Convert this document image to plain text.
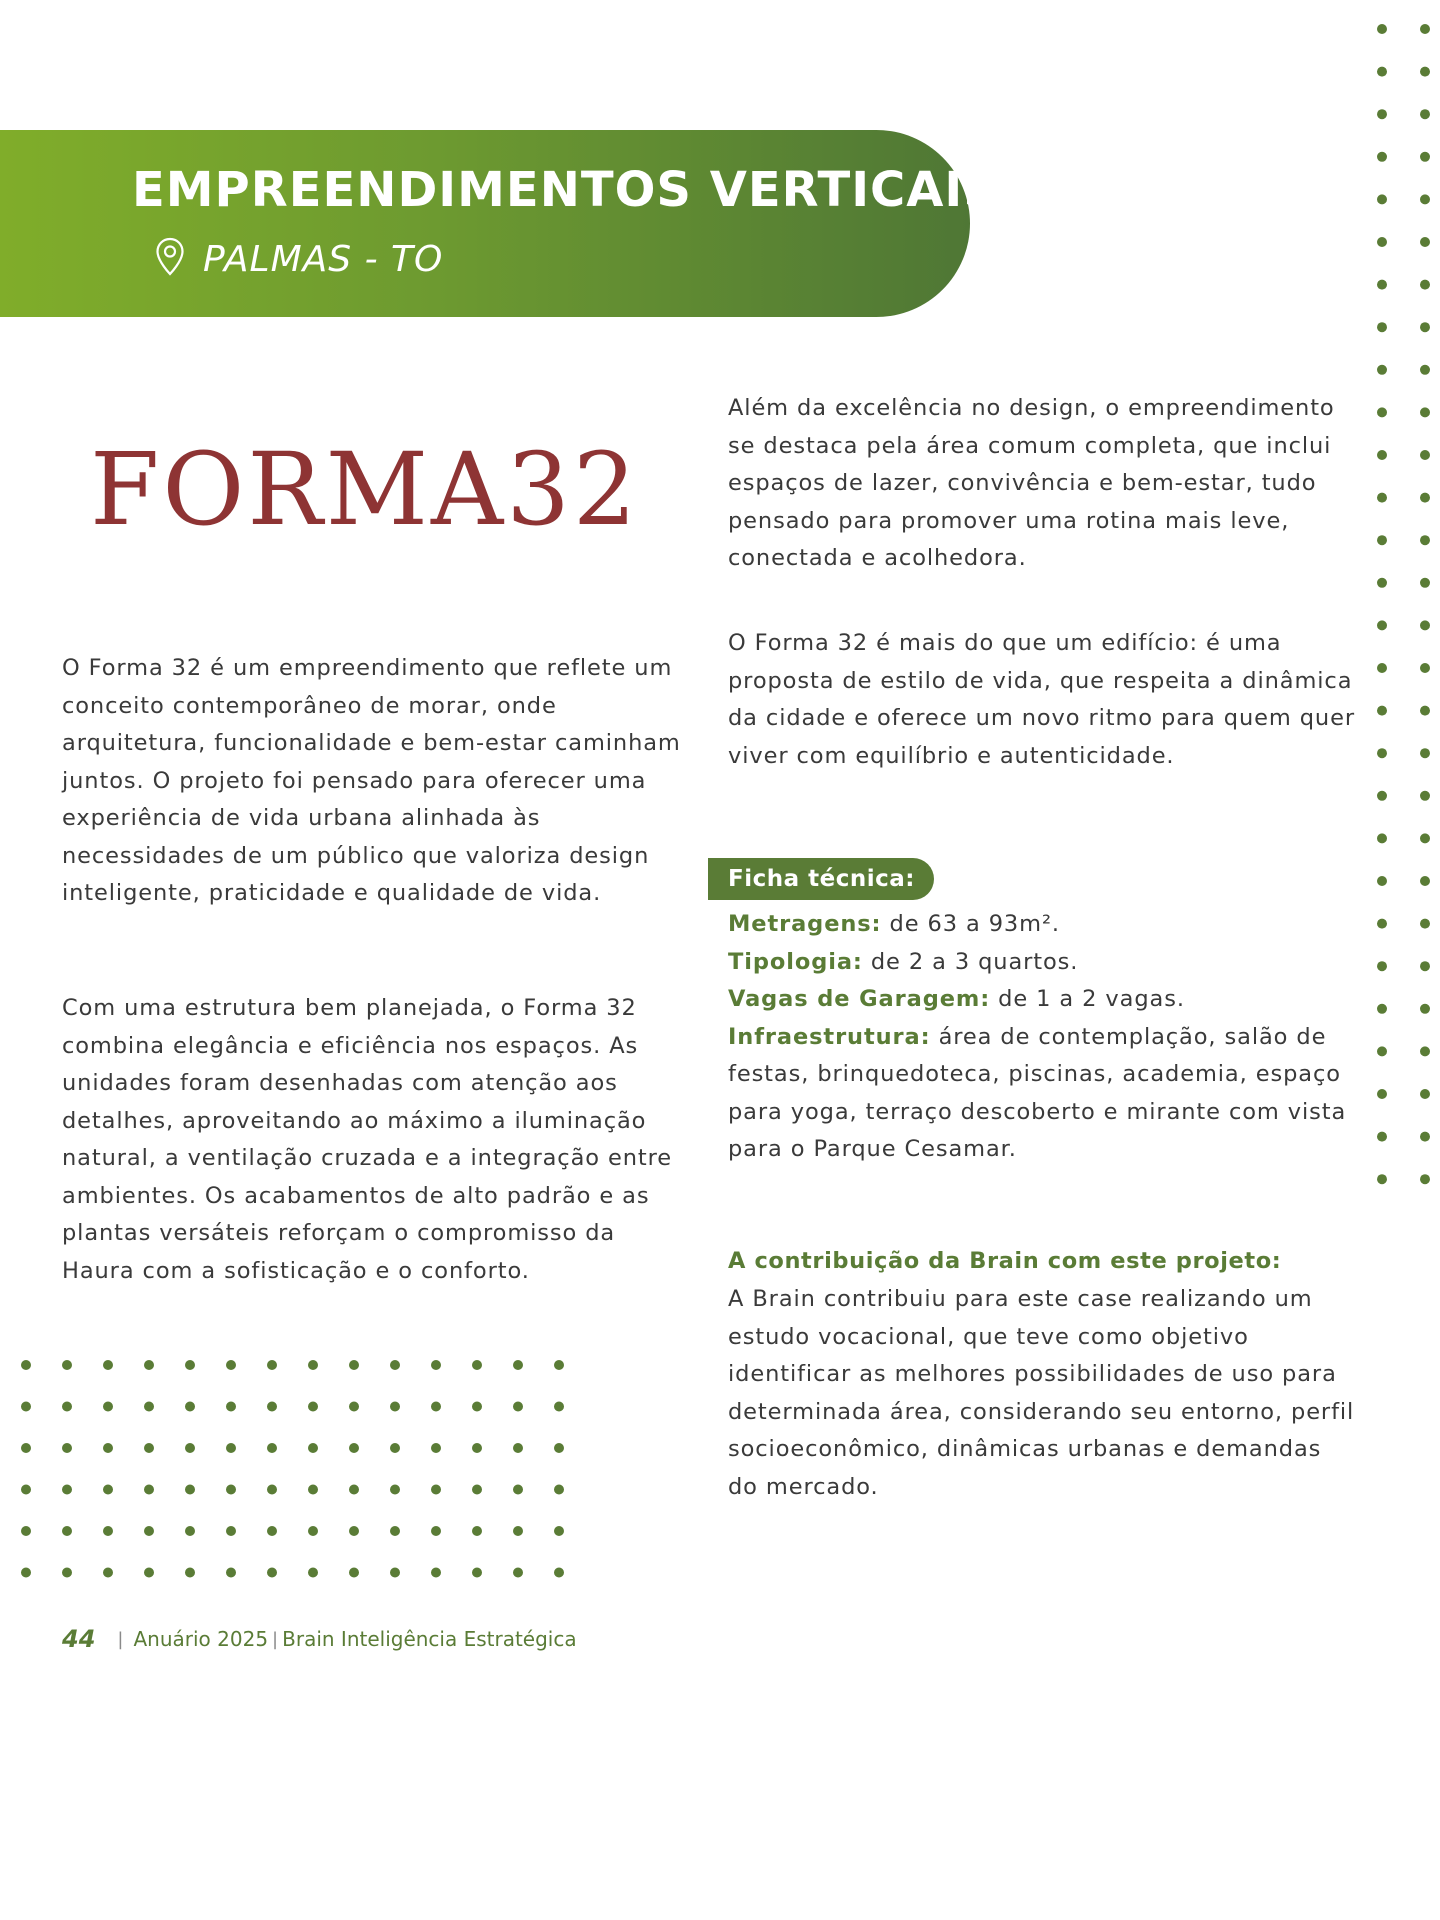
EMPREENDIMENTOS VERTICAIS
PALMAS - TO
FORMA32

O Forma 32 é um empreendimento que reflete um conceito contemporâneo de morar, onde arquitetura, funcionalidade e bem-estar caminham juntos. O projeto foi pensado para oferecer uma experiência de vida urbana alinhada às necessidades de um público que valoriza design inteligente, praticidade e qualidade de vida.

Com uma estrutura bem planejada, o Forma 32 combina elegância e eficiência nos espaços. As unidades foram desenhadas com atenção aos detalhes, aproveitando ao máximo a iluminação natural, a ventilação cruzada e a integração entre ambientes. Os acabamentos de alto padrão e as plantas versáteis reforçam o compromisso da Haura com a sofisticação e o conforto.

Além da excelência no design, o empreendimento se destaca pela área comum completa, que inclui espaços de lazer, convivência e bem-estar, tudo pensado para promover uma rotina mais leve, conectada e acolhedora.

O Forma 32 é mais do que um edifício: é uma proposta de estilo de vida, que respeita a dinâmica da cidade e oferece um novo ritmo para quem quer viver com equilíbrio e autenticidade.

Ficha técnica:
Metragens: de 63 a 93m².
Tipologia: de 2 a 3 quartos.
Vagas de Garagem: de 1 a 2 vagas.
Infraestrutura: área de contemplação, salão de festas, brinquedoteca, piscinas, academia, espaço para yoga, terraço descoberto e mirante com vista para o Parque Cesamar.
A contribuição da Brain com este projeto:

A Brain contribuiu para este case realizando um estudo vocacional, que teve como objetivo identificar as melhores possibilidades de uso para determinada área, considerando seu entorno, perfil socioeconômico, dinâmicas urbanas e demandas do mercado.

44 | Anuário 2025 | Brain Inteligência Estratégica
